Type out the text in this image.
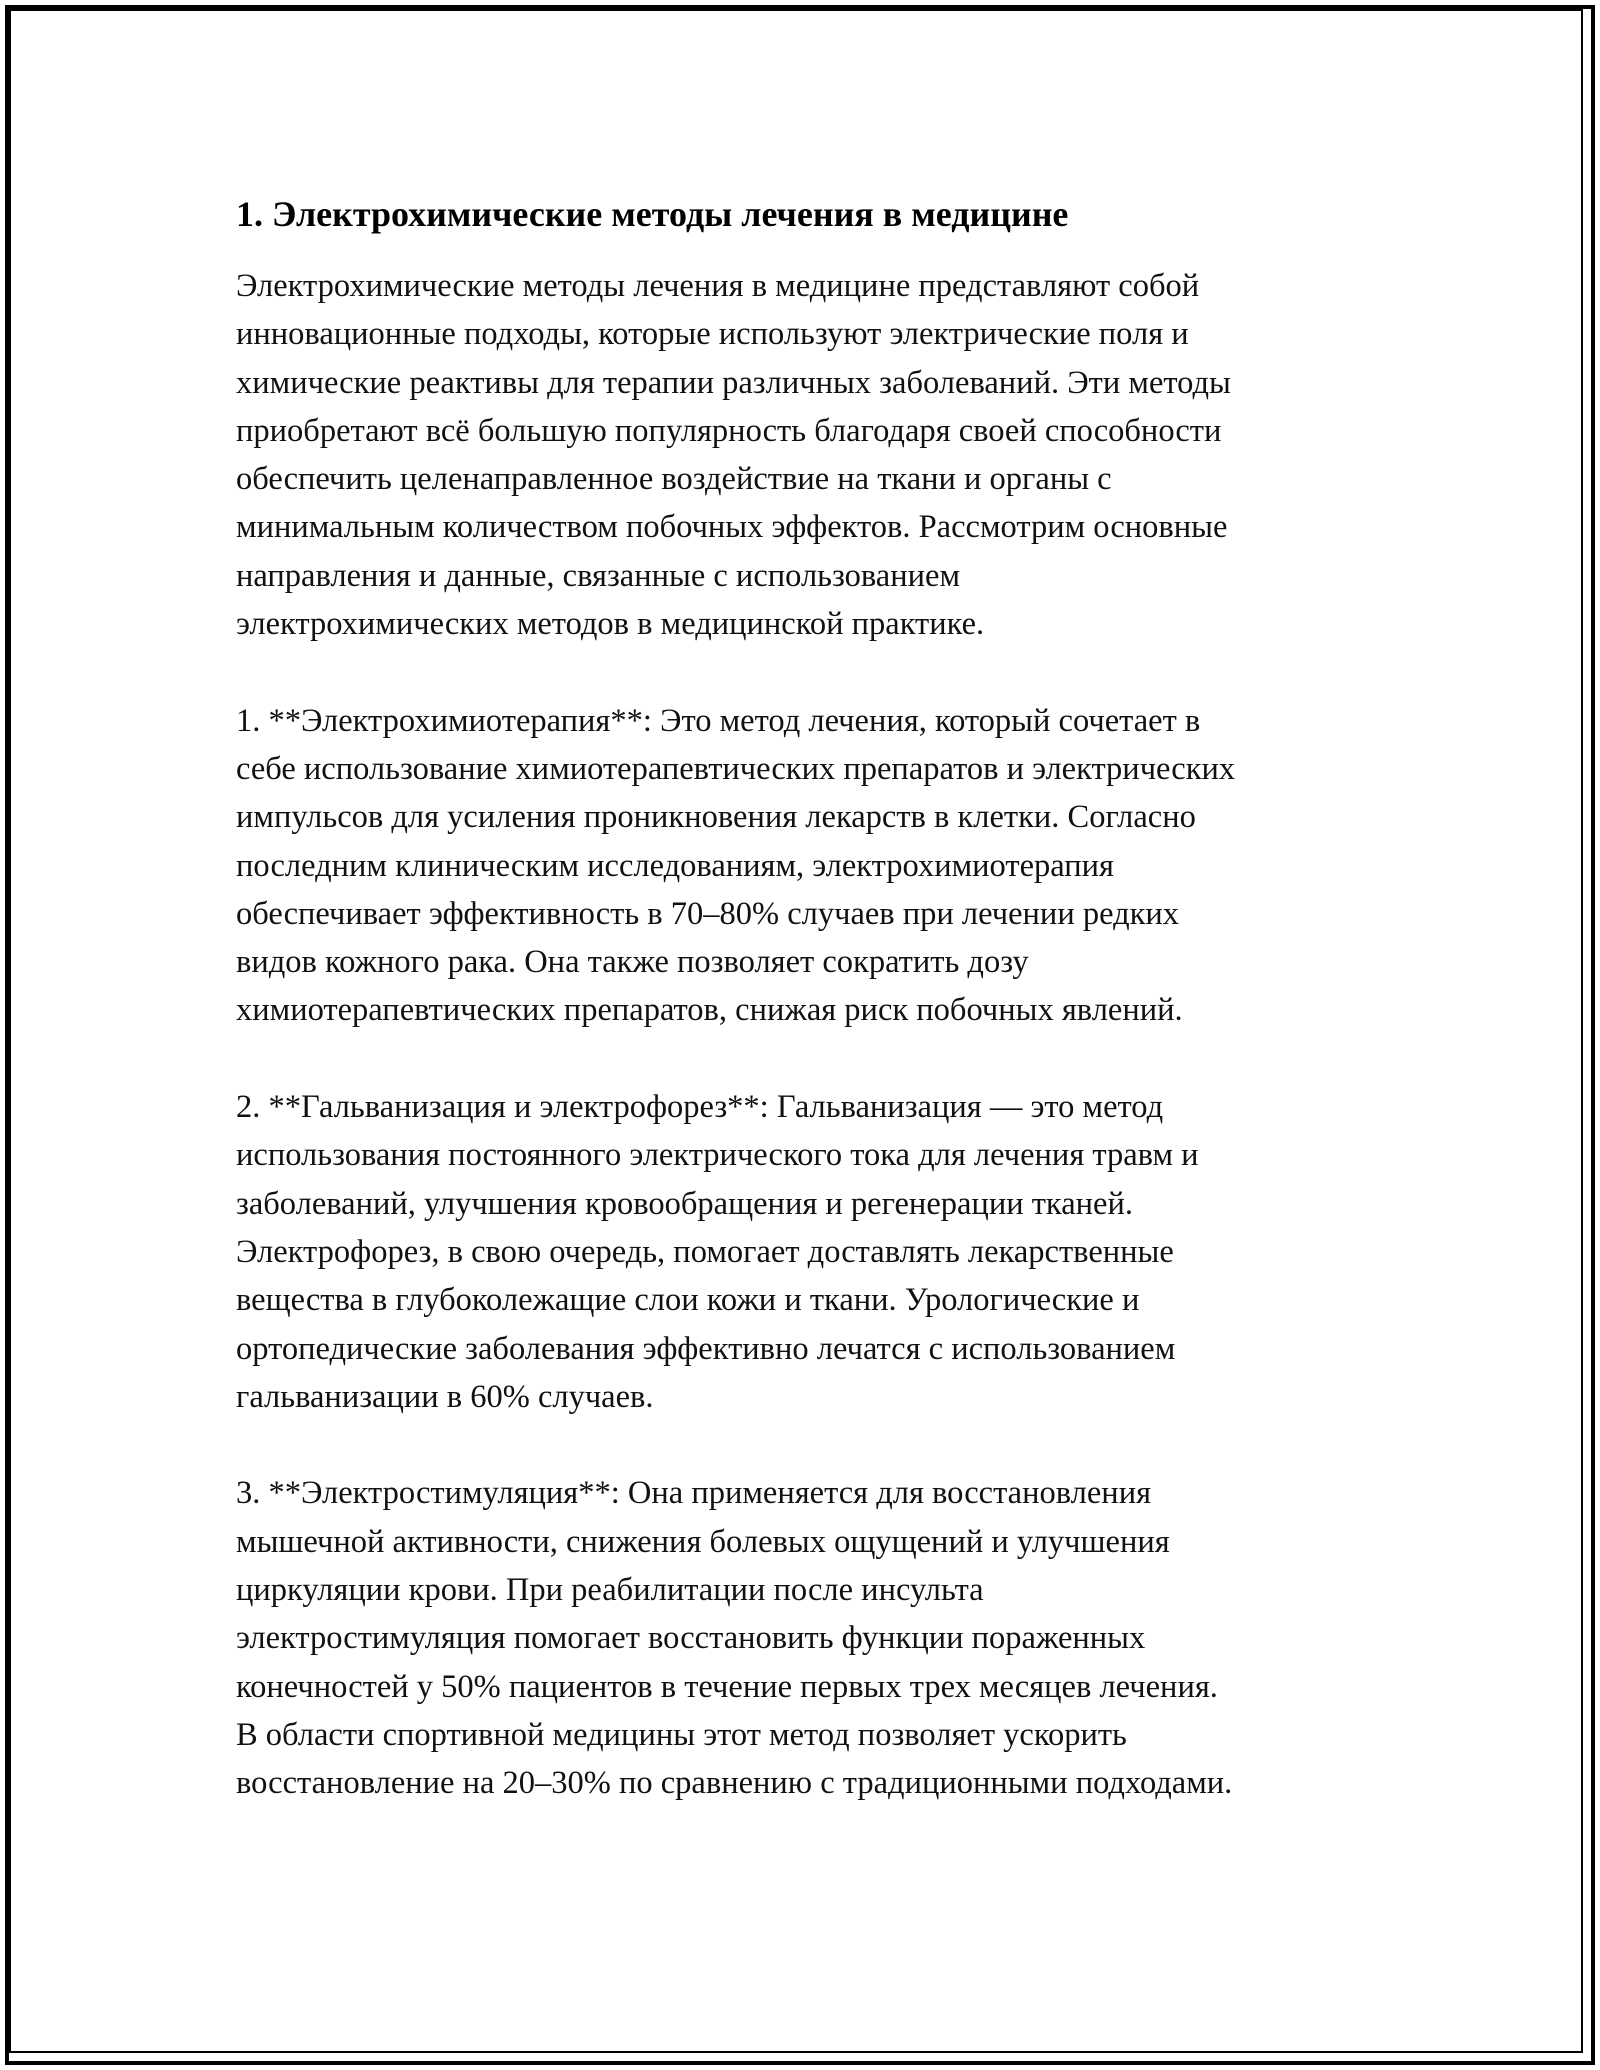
1. Электрохимические методы лечения в медицине

Электрохимические методы лечения в медицине представляют собой
инновационные подходы, которые используют электрические поля и
химические реактивы для терапии различных заболеваний. Эти методы
приобретают всё большую популярность благодаря своей способности
обеспечить целенаправленное воздействие на ткани и органы с
минимальным количеством побочных эффектов. Рассмотрим основные
направления и данные, связанные с использованием
электрохимических методов в медицинской практике.

1. **Электрохимиотерапия**: Это метод лечения, который сочетает в
себе использование химиотерапевтических препаратов и электрических
импульсов для усиления проникновения лекарств в клетки. Согласно
последним клиническим исследованиям, электрохимиотерапия
обеспечивает эффективность в 70–80% случаев при лечении редких
видов кожного рака. Она также позволяет сократить дозу
химиотерапевтических препаратов, снижая риск побочных явлений.

2. **Гальванизация и электрофорез**: Гальванизация — это метод
использования постоянного электрического тока для лечения травм и
заболеваний, улучшения кровообращения и регенерации тканей.
Электрофорез, в свою очередь, помогает доставлять лекарственные
вещества в глубоколежащие слои кожи и ткани. Урологические и
ортопедические заболевания эффективно лечатся с использованием
гальванизации в 60% случаев.

3. **Электростимуляция**: Она применяется для восстановления
мышечной активности, снижения болевых ощущений и улучшения
циркуляции крови. При реабилитации после инсульта
электростимуляция помогает восстановить функции пораженных
конечностей у 50% пациентов в течение первых трех месяцев лечения.
В области спортивной медицины этот метод позволяет ускорить
восстановление на 20–30% по сравнению с традиционными подходами.
